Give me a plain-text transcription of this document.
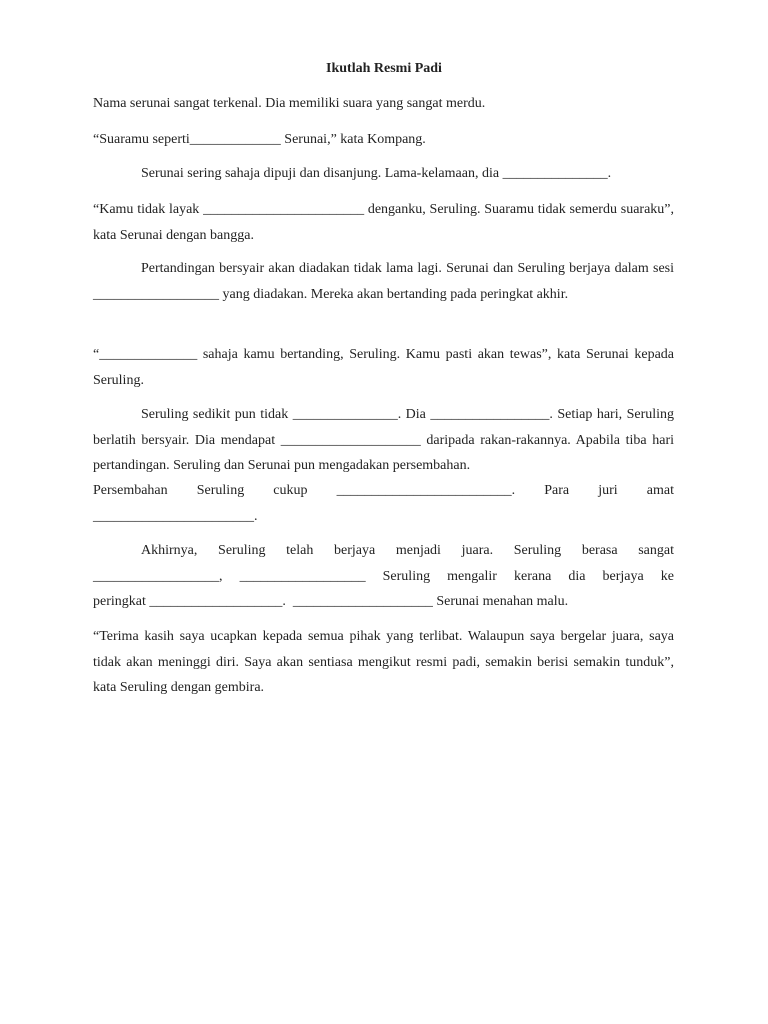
Ikutlah Resmi Padi

Nama serunai sangat terkenal. Dia memiliki suara yang sangat merdu.

“Suaramu seperti_____________ Serunai,” kata Kompang.

Serunai sering sahaja dipuji dan disanjung. Lama-kelamaan, dia _______________.

“Kamu tidak layak _______________________ denganku, Seruling. Suaramu tidak semerdu suaraku”, kata Serunai dengan bangga.

Pertandingan bersyair akan diadakan tidak lama lagi. Serunai dan Seruling berjaya dalam sesi __________________ yang diadakan. Mereka akan bertanding pada peringkat akhir.

“______________ sahaja kamu bertanding, Seruling. Kamu pasti akan tewas”, kata Serunai kepada Seruling.

Seruling sedikit pun tidak _______________. Dia _________________. Setiap hari, Seruling berlatih bersyair. Dia mendapat ____________________ daripada rakan-rakannya. Apabila tiba hari pertandingan. Seruling dan Serunai pun mengadakan persembahan.

Persembahan Seruling cukup _________________________. Para juri amat

_______________________.

Akhirnya, Seruling telah berjaya menjadi juara. Seruling berasa sangat

__________________, __________________ Seruling mengalir kerana dia berjaya ke

peringkat ___________________.  ____________________ Serunai menahan malu.

“Terima kasih saya ucapkan kepada semua pihak yang terlibat. Walaupun saya bergelar juara, saya tidak akan meninggi diri. Saya akan sentiasa mengikut resmi padi, semakin berisi semakin tunduk”, kata Seruling dengan gembira.
